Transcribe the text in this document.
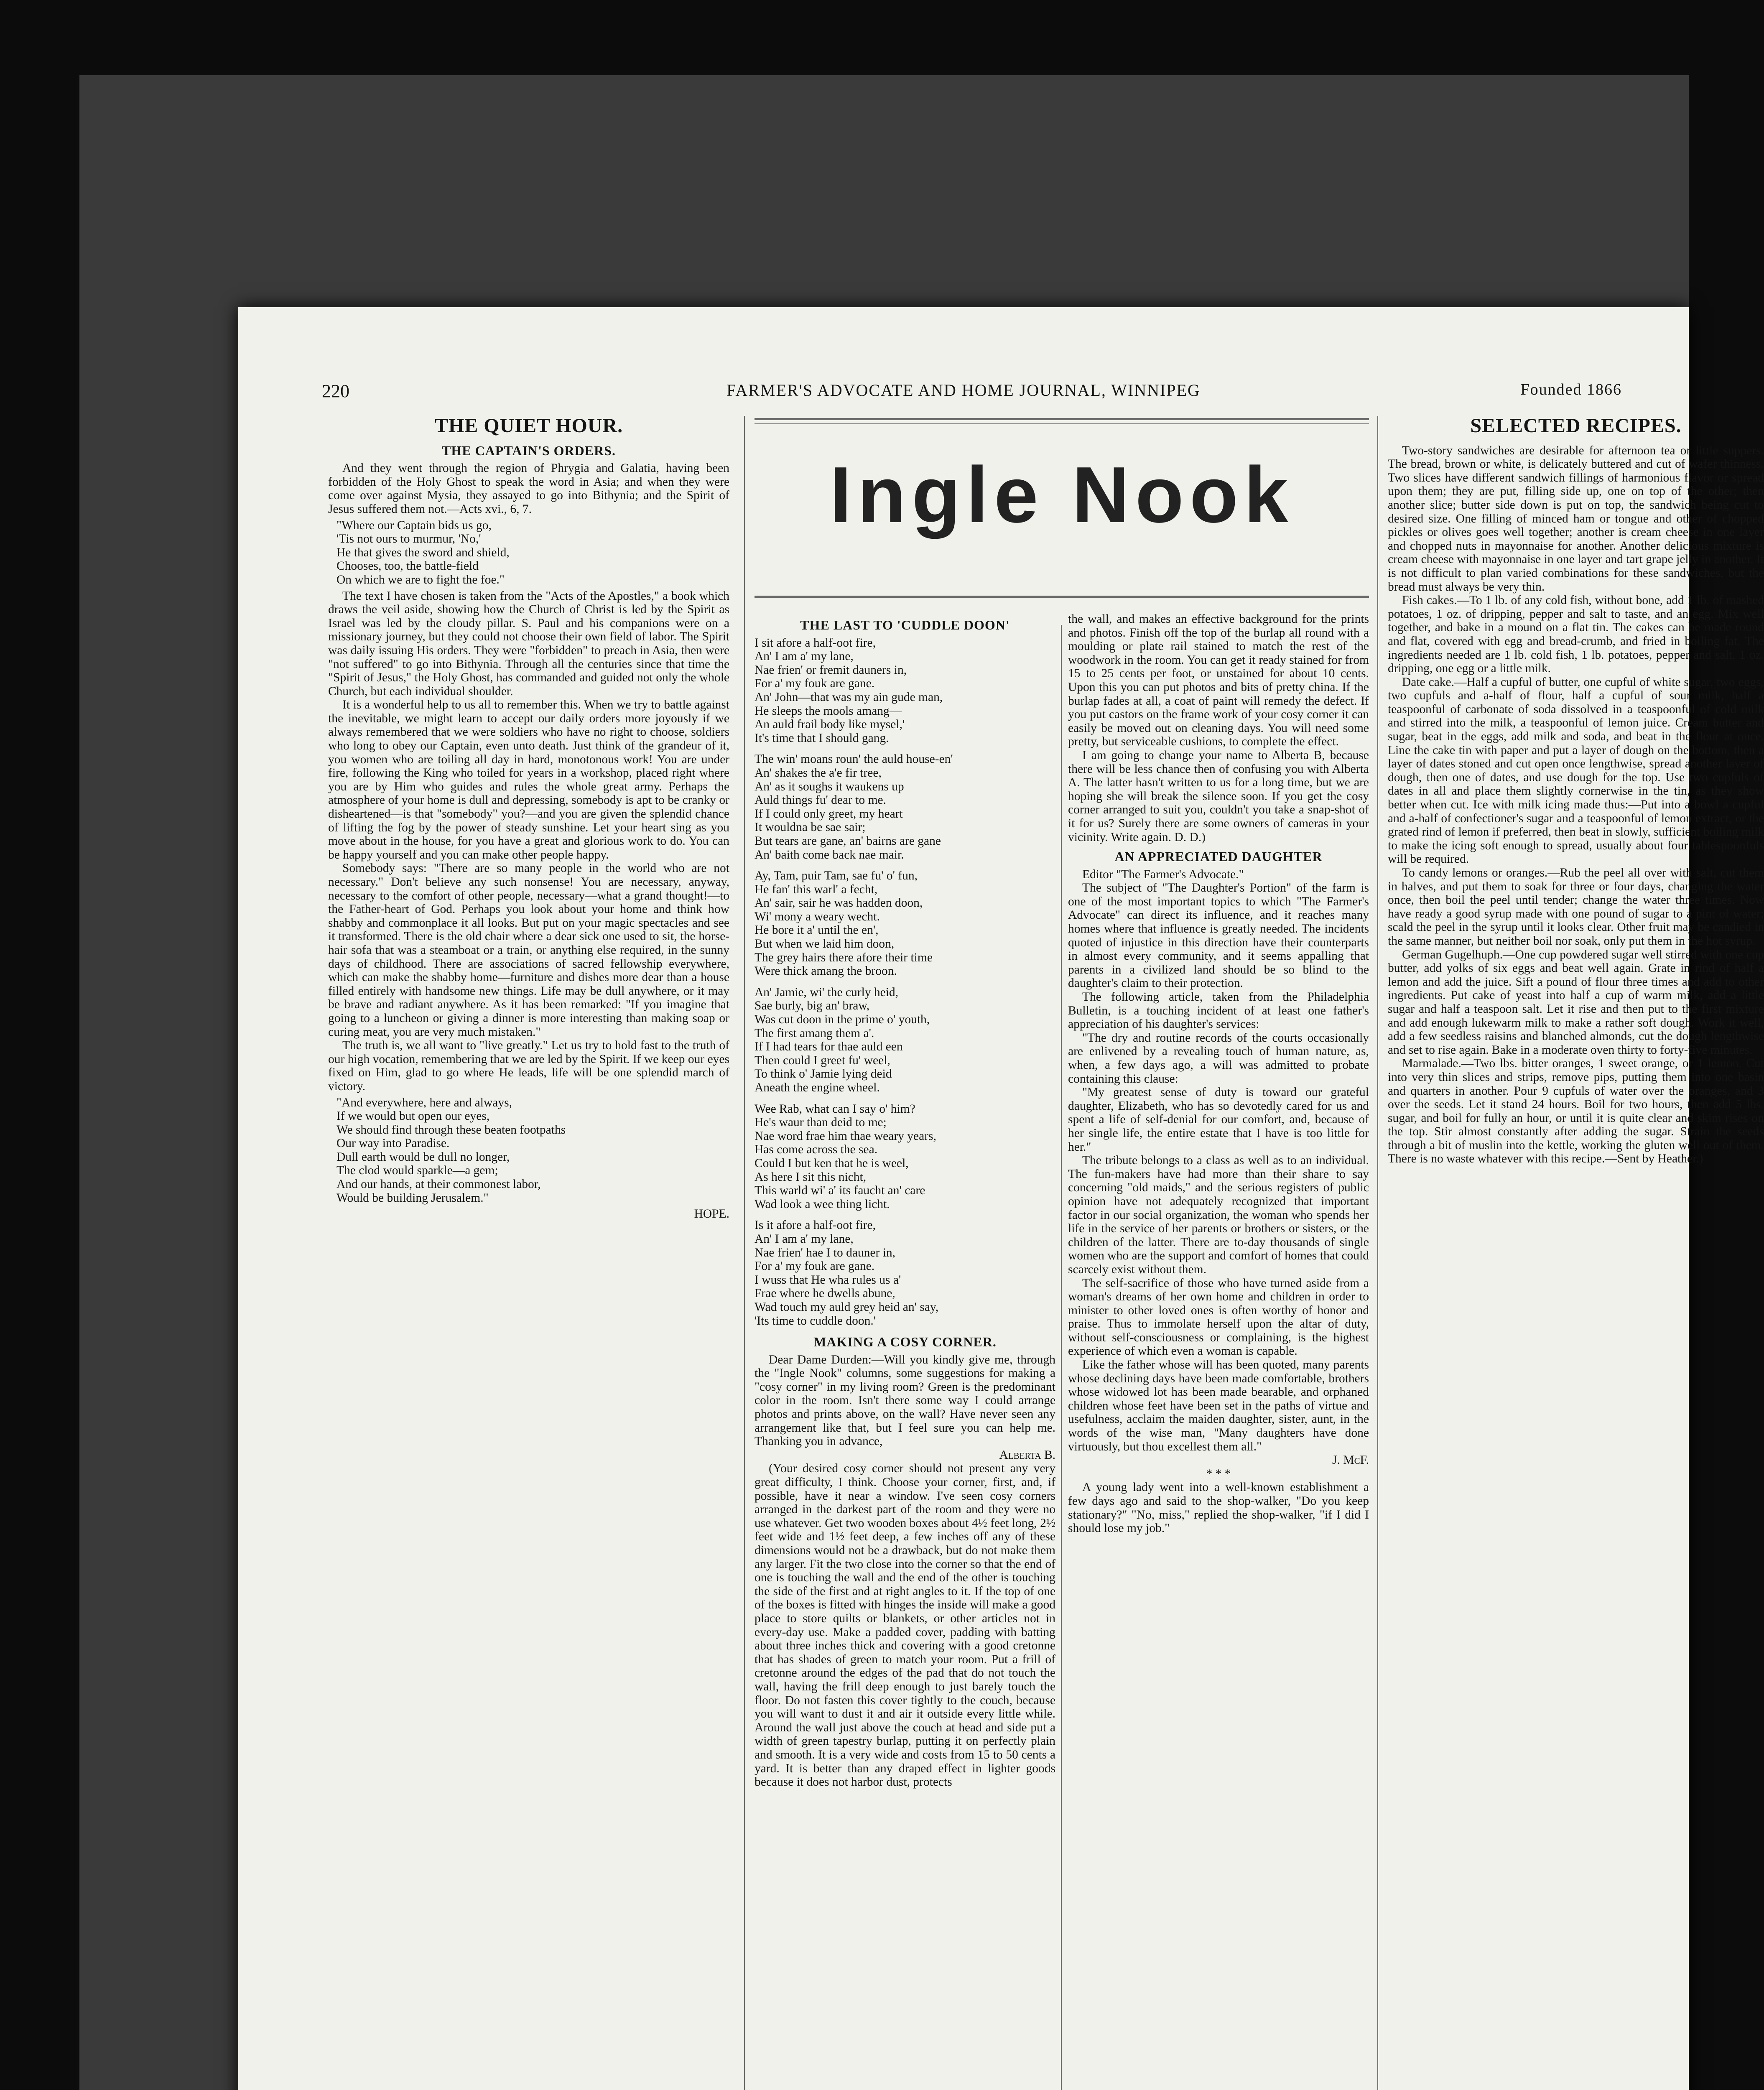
220	FARMER'S ADVOCATE AND HOME JOURNAL, WINNIPEG	Founded 1866
Ingle Nook
THE QUIET HOUR.
THE CAPTAIN'S ORDERS.

And they went through the region of Phrygia and Galatia, having been forbidden of the Holy Ghost to speak the word in Asia; and when they were come over against Mysia, they assayed to go into Bithynia; and the Spirit of Jesus suffered them not.—Acts xvi., 6, 7.

"Where our Captain bids us go,
'Tis not ours to murmur, 'No,'
He that gives the sword and shield,
Chooses, too, the battle-field
On which we are to fight the foe."

The text I have chosen is taken from the "Acts of the Apostles," a book which draws the veil aside, showing how the Church of Christ is led by the Spirit as Israel was led by the cloudy pillar. S. Paul and his companions were on a missionary journey, but they could not choose their own field of labor. The Spirit was daily issuing His orders. They were "forbidden" to preach in Asia, then were "not suffered" to go into Bithynia. Through all the centuries since that time the "Spirit of Jesus," the Holy Ghost, has commanded and guided not only the whole Church, but each individual shoulder.

It is a wonderful help to us all to remember this. When we try to battle against the inevitable, we might learn to accept our daily orders more joyously if we always remembered that we were soldiers who have no right to choose, soldiers who long to obey our Captain, even unto death. Just think of the grandeur of it, you women who are toiling all day in hard, monotonous work! You are under fire, following the King who toiled for years in a workshop, placed right where you are by Him who guides and rules the whole great army. Perhaps the atmosphere of your home is dull and depressing, somebody is apt to be cranky or disheartened—is that "somebody" you?—and you are given the splendid chance of lifting the fog by the power of steady sunshine. Let your heart sing as you move about in the house, for you have a great and glorious work to do. You can be happy yourself and you can make other people happy.

Somebody says: "There are so many people in the world who are not necessary." Don't believe any such nonsense! You are necessary, anyway, necessary to the comfort of other people, necessary—what a grand thought!—to the Father-heart of God. Perhaps you look about your home and think how shabby and commonplace it all looks. But put on your magic spectacles and see it transformed. There is the old chair where a dear sick one used to sit, the horse-hair sofa that was a steamboat or a train, or anything else required, in the sunny days of childhood. There are associations of sacred fellowship everywhere, which can make the shabby home—furniture and dishes more dear than a house filled entirely with handsome new things. Life may be dull anywhere, or it may be brave and radiant anywhere. As it has been remarked: "If you imagine that going to a luncheon or giving a dinner is more interesting than making soap or curing meat, you are very much mistaken."

The truth is, we all want to "live greatly." Let us try to hold fast to the truth of our high vocation, remembering that we are led by the Spirit. If we keep our eyes fixed on Him, glad to go where He leads, life will be one splendid march of victory.

"And everywhere, here and always,
If we would but open our eyes,
We should find through these beaten footpaths
Our way into Paradise.
Dull earth would be dull no longer,
The clod would sparkle—a gem;
And our hands, at their commonest labor,
Would be building Jerusalem."

HOPE.

THE LAST TO 'CUDDLE DOON'

I sit afore a half-oot fire,
An' I am a' my lane,
Nae frien' or fremit dauners in,
For a' my fouk are gane.
An' John—that was my ain gude man,
He sleeps the mools amang—
An auld frail body like mysel,'
It's time that I should gang.

The win' moans roun' the auld house-en'
An' shakes the a'e fir tree,
An' as it soughs it waukens up
Auld things fu' dear to me.
If I could only greet, my heart
It wouldna be sae sair;
But tears are gane, an' bairns are gane
An' baith come back nae mair.

Ay, Tam, puir Tam, sae fu' o' fun,
He fan' this warl' a fecht,
An' sair, sair he was hadden doon,
Wi' mony a weary wecht.
He bore it a' until the en',
But when we laid him doon,
The grey hairs there afore their time
Were thick amang the broon.

An' Jamie, wi' the curly heid,
Sae burly, big an' braw,
Was cut doon in the prime o' youth,
The first amang them a'.
If I had tears for thae auld een
Then could I greet fu' weel,
To think o' Jamie lying deid
Aneath the engine wheel.

Wee Rab, what can I say o' him?
He's waur than deid to me;
Nae word frae him thae weary years,
Has come across the sea.
Could I but ken that he is weel,
As here I sit this nicht,
This warld wi' a' its faucht an' care
Wad look a wee thing licht.

Is it afore a half-oot fire,
An' I am a' my lane,
Nae frien' hae I to dauner in,
For a' my fouk are gane.
I wuss that He wha rules us a'
Frae where he dwells abune,
Wad touch my auld grey heid an' say,
'Its time to cuddle doon.'

MAKING A COSY CORNER.

Dear Dame Durden:—Will you kindly give me, through the "Ingle Nook" columns, some suggestions for making a "cosy corner" in my living room? Green is the predominant color in the room. Isn't there some way I could arrange photos and prints above, on the wall? Have never seen any arrangement like that, but I feel sure you can help me. Thanking you in advance,

Alberta B.

(Your desired cosy corner should not present any very great difficulty, I think. Choose your corner, first, and, if possible, have it near a window. I've seen cosy corners arranged in the darkest part of the room and they were no use whatever. Get two wooden boxes about 4½ feet long, 2½ feet wide and 1½ feet deep, a few inches off any of these dimensions would not be a drawback, but do not make them any larger. Fit the two close into the corner so that the end of one is touching the wall and the end of the other is touching the side of the first and at right angles to it. If the top of one of the boxes is fitted with hinges the inside will make a good place to store quilts or blankets, or other articles not in every-day use. Make a padded cover, padding with batting about three inches thick and covering with a good cretonne that has shades of green to match your room. Put a frill of cretonne around the edges of the pad that do not touch the wall, having the frill deep enough to just barely touch the floor. Do not fasten this cover tightly to the couch, because you will want to dust it and air it outside every little while. Around the wall just above the couch at head and side put a width of green tapestry burlap, putting it on perfectly plain and smooth. It is a very wide and costs from 15 to 50 cents a yard. It is better than any draped effect in lighter goods because it does not harbor dust, protects

the wall, and makes an effective background for the prints and photos. Finish off the top of the burlap all round with a moulding or plate rail stained to match the rest of the woodwork in the room. You can get it ready stained for from 15 to 25 cents per foot, or unstained for about 10 cents. Upon this you can put photos and bits of pretty china. If the burlap fades at all, a coat of paint will remedy the defect. If you put castors on the frame work of your cosy corner it can easily be moved out on cleaning days. You will need some pretty, but serviceable cushions, to complete the effect.

I am going to change your name to Alberta B, because there will be less chance then of confusing you with Alberta A. The latter hasn't written to us for a long time, but we are hoping she will break the silence soon. If you get the cosy corner arranged to suit you, couldn't you take a snap-shot of it for us? Surely there are some owners of cameras in your vicinity. Write again. D. D.)

AN APPRECIATED DAUGHTER

Editor "The Farmer's Advocate."

The subject of "The Daughter's Portion" of the farm is one of the most important topics to which "The Farmer's Advocate" can direct its influence, and it reaches many homes where that influence is greatly needed. The incidents quoted of injustice in this direction have their counterparts in almost every community, and it seems appalling that parents in a civilized land should be so blind to the daughter's claim to their protection.

The following article, taken from the Philadelphia Bulletin, is a touching incident of at least one father's appreciation of his daughter's services:

"The dry and routine records of the courts occasionally are enlivened by a revealing touch of human nature, as, when, a few days ago, a will was admitted to probate containing this clause:

"My greatest sense of duty is toward our grateful daughter, Elizabeth, who has so devotedly cared for us and spent a life of self-denial for our comfort, and, because of her single life, the entire estate that I have is too little for her."

The tribute belongs to a class as well as to an individual. The fun-makers have had more than their share to say concerning "old maids," and the serious registers of public opinion have not adequately recognized that important factor in our social organization, the woman who spends her life in the service of her parents or brothers or sisters, or the children of the latter. There are to-day thousands of single women who are the support and comfort of homes that could scarcely exist without them.

The self-sacrifice of those who have turned aside from a woman's dreams of her own home and children in order to minister to other loved ones is often worthy of honor and praise. Thus to immolate herself upon the altar of duty, without self-consciousness or complaining, is the highest experience of which even a woman is capable.

Like the father whose will has been quoted, many parents whose declining days have been made comfortable, brothers whose widowed lot has been made bearable, and orphaned children whose feet have been set in the paths of virtue and usefulness, acclaim the maiden daughter, sister, aunt, in the words of the wise man, "Many daughters have done virtuously, but thou excellest them all."

J. McF.

* * *

A young lady went into a well-known establishment a few days ago and said to the shop-walker, "Do you keep stationary?" "No, miss," replied the shop-walker, "if I did I should lose my job."

SELECTED RECIPES.

Two-story sandwiches are desirable for afternoon tea or little suppers. The bread, brown or white, is delicately buttered and cut of wafer thinness. Two slices have different sandwich fillings of harmonious flavor or spread upon them; they are put, filling side up, one on top of the other; then another slice; butter side down is put on top, the sandwich being cut to desired size. One filling of minced ham or tongue and other of chopped pickles or olives goes well together; another is cream cheese in one layer and chopped nuts in mayonnaise for another. Another delicious mixture is cream cheese with mayonnaise in one layer and tart grape jelly in another. It is not difficult to plan varied combinations for these sandwiches, but the bread must always be very thin.

Fish cakes.—To 1 lb. of any cold fish, without bone, add 1 lb. of mashed potatoes, 1 oz. of dripping, pepper and salt to taste, and an egg. Mix well together, and bake in a mound on a flat tin. The cakes can be made round and flat, covered with egg and bread-crumb, and fried in boiling fat. The ingredients needed are 1 lb. cold fish, 1 lb. potatoes, pepper and salt, 1 oz. dripping, one egg or a little milk.

Date cake.—Half a cupful of butter, one cupful of white sugar, two eggs, two cupfuls and a-half of flour, half a cupful of sour milk, half a teaspoonful of carbonate of soda dissolved in a teaspoonful of cold milk and stirred into the milk, a teaspoonful of lemon juice. Cream butter and sugar, beat in the eggs, add milk and soda, and beat in the flour at once. Line the cake tin with paper and put a layer of dough on the bottom, then a layer of dates stoned and cut open once lengthwise, spread another layer of dough, then one of dates, and use dough for the top. Use two cupfuls of dates in all and place them slightly cornerwise in the tin, as they show better when cut. Ice with milk icing made thus:—Put into a bowl a cupful and a-half of confectioner's sugar and a teaspoonful of lemon extract, or the grated rind of lemon if preferred, then beat in slowly, sufficient boiling milk to make the icing soft enough to spread, usually about four tablespoonfuls will be required.

To candy lemons or oranges.—Rub the peel all over with salt, cut them in halves, and put them to soak for three or four days, changing the water once, then boil the peel until tender; change the water three times. Now have ready a good syrup made with one pound of sugar to a pint of water; scald the peel in the syrup until it looks clear. Other fruit may be candied in the same manner, but neither boil nor soak, only put them in the hot syrup.

German Gugelhuph.—One cup powdered sugar well stirred with one cup butter, add yolks of six eggs and beat well again. Grate in rind of half a lemon and add the juice. Sift a pound of flour three times and add to other ingredients. Put cake of yeast into half a cup of warm milk, add a little sugar and half a teaspoon salt. Let it rise and then put to the first mixture and add enough lukewarm milk to make a rather soft dough. Work it well, add a few seedless raisins and blanched almonds, cut the dough lengthwise and set to rise again. Bake in a moderate oven thirty to forty-five minutes.

Marmalade.—Two lbs. bitter oranges, 1 sweet orange, or 1 lemon. Cut into very thin slices and strips, remove pips, putting them into one basin and quarters in another. Pour 9 cupfuls of water over the oranges, and 3 over the seeds. Let it stand 24 hours. Boil for two hours, then add 5 lbs. sugar, and boil for fully an hour, or until it is quite clear and skim rises on the top. Stir almost constantly after adding the sugar. Strain the seeds through a bit of muslin into the kettle, working the gluten well out of them. There is no waste whatever with this recipe.—Sent by Heather.)
